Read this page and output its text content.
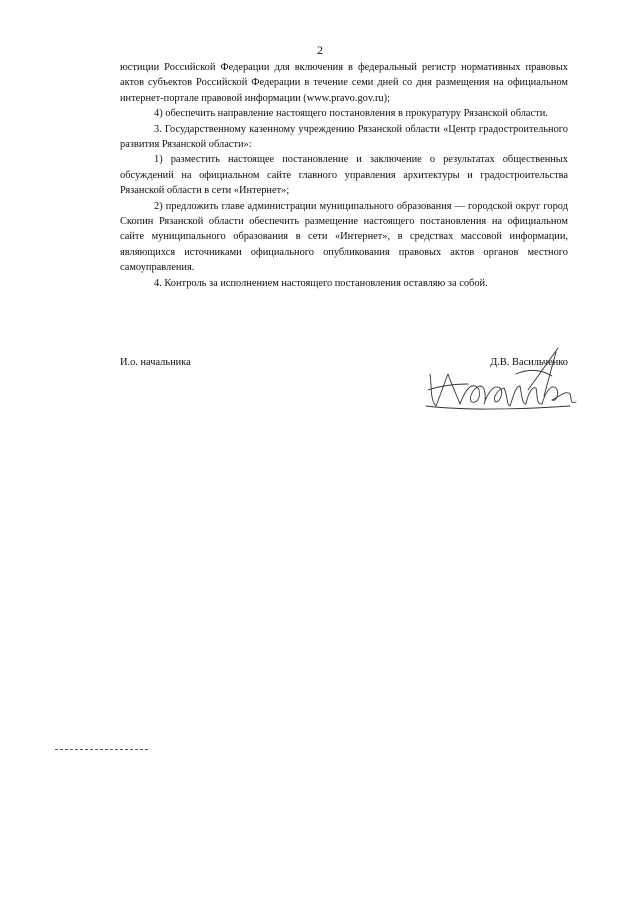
2

юстиции Российской Федерации для включения в федеральный регистр нормативных правовых актов субъектов Российской Федерации в течение семи дней со дня размещения на официальном интернет-портале правовой информации (www.pravo.gov.ru);

4) обеспечить направление настоящего постановления в прокуратуру Рязанской области.

3. Государственному казенному учреждению Рязанской области «Центр градостроительного развития Рязанской области»:

1) разместить настоящее постановление и заключение о результатах общественных обсуждений на официальном сайте главного управления архитектуры и градостроительства Рязанской области в сети «Интернет»;

2) предложить главе администрации муниципального образования — городской округ город Скопин Рязанской области обеспечить размещение настоящего постановления на официальном сайте муниципального образования в сети «Интернет», в средствах массовой информации, являющихся источниками официального опубликования правовых актов органов местного самоуправления.

4. Контроль за исполнением настоящего постановления оставляю за собой.

И.о. начальника	Д.В. Васильченко
